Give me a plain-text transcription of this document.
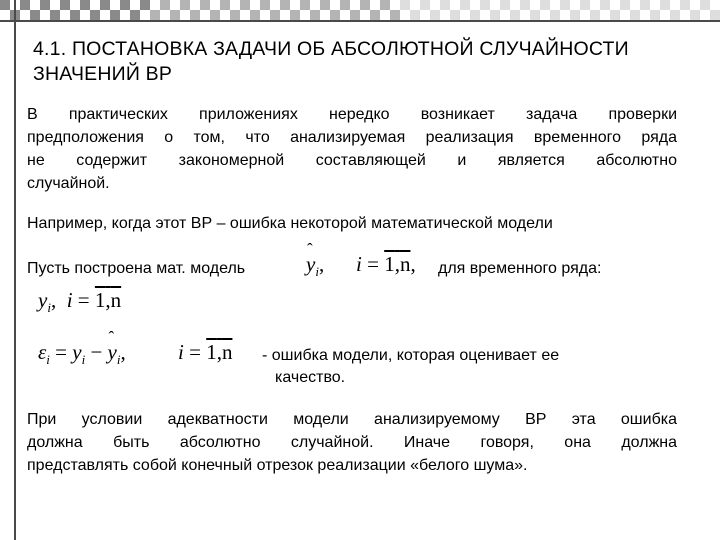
4.1. ПОСТАНОВКА ЗАДАЧИ ОБ АБСОЛЮТНОЙ СЛУЧАЙНОСТИ ЗНАЧЕНИЙ ВР
В практических приложениях нередко возникает задача проверки
предположения о том, что анализируемая реализация временного ряда
не содержит закономерной составляющей и является абсолютно
случайной.
Например, когда этот ВР – ошибка некоторой математической модели
Пусть построена мат. модель	ˆ $y_i$, i = 1,n, для временного ряда:
$y_i$, i = 1,n
$\varepsilon_i = y_i$ − ˆ $y_i$, i = 1,n - ошибка модели, которая оценивает ее
качество.
При условии адекватности модели анализируемому ВР эта ошибка
должна быть абсолютно случайной. Иначе говоря, она должна
представлять собой конечный отрезок реализации «белого шума».
